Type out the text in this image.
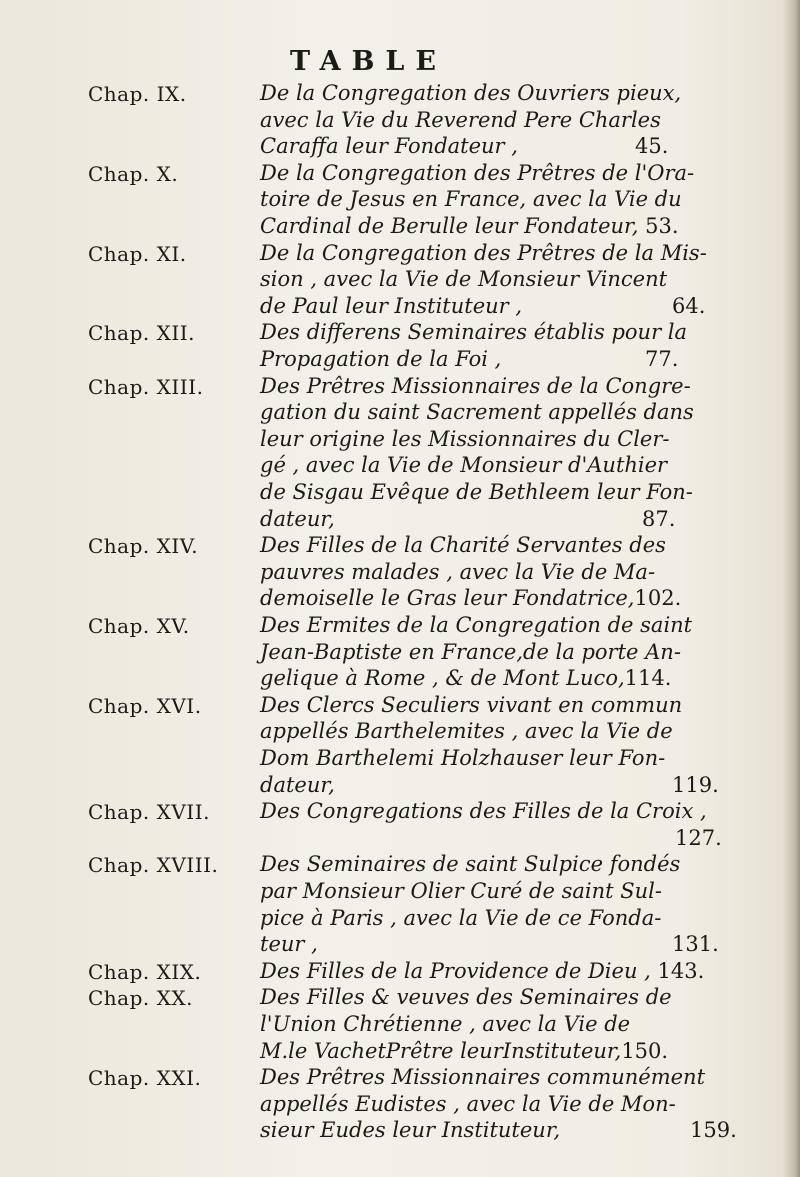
TABLE
Chap. IX.	De la Congregation des Ouvriers pieux,
avec la Vie du Reverend Pere Charles
Caraffa leur Fondateur ,	45.
Chap. X.	De la Congregation des Prêtres de l'Ora-
toire de Jesus en France, avec la Vie du
Cardinal de Berulle leur Fondateur, 53.
Chap. XI.	De la Congregation des Prêtres de la Mis-
sion , avec la Vie de Monsieur Vincent
de Paul leur Instituteur ,	64.
Chap. XII.	Des differens Seminaires établis pour la
Propagation de la Foi ,	77.
Chap. XIII.	Des Prêtres Missionnaires de la Congre-
gation du saint Sacrement appellés dans
leur origine les Missionnaires du Cler-
gé , avec la Vie de Monsieur d'Authier
de Sisgau Evêque de Bethleem leur Fon-
dateur,	87.
Chap. XIV.	Des Filles de la Charité Servantes des
pauvres malades , avec la Vie de Ma-
demoiselle le Gras leur Fondatrice,102.
Chap. XV.	Des Ermites de la Congregation de saint
Jean-Baptiste en France,de la porte An-
gelique à Rome , & de Mont Luco,114.
Chap. XVI.	Des Clercs Seculiers vivant en commun
appellés Barthelemites , avec la Vie de
Dom Barthelemi Holzhauser leur Fon-
dateur,	119.
Chap. XVII. Des Congregations des Filles de la Croix ,
127.
Chap. XVIII. Des Seminaires de saint Sulpice fondés
par Monsieur Olier Curé de saint Sul-
pice à Paris , avec la Vie de ce Fonda-
teur ,	131.
Chap. XIX.	Des Filles de la Providence de Dieu , 143.
Chap. XX.	Des Filles & veuves des Seminaires de
l'Union Chrétienne , avec la Vie de
M.le VachetPrêtre leurInstituteur,150.
Chap. XXI.	Des Prêtres Missionnaires communément
appellés Eudistes , avec la Vie de Mon-
sieur Eudes leur Instituteur,	159.
